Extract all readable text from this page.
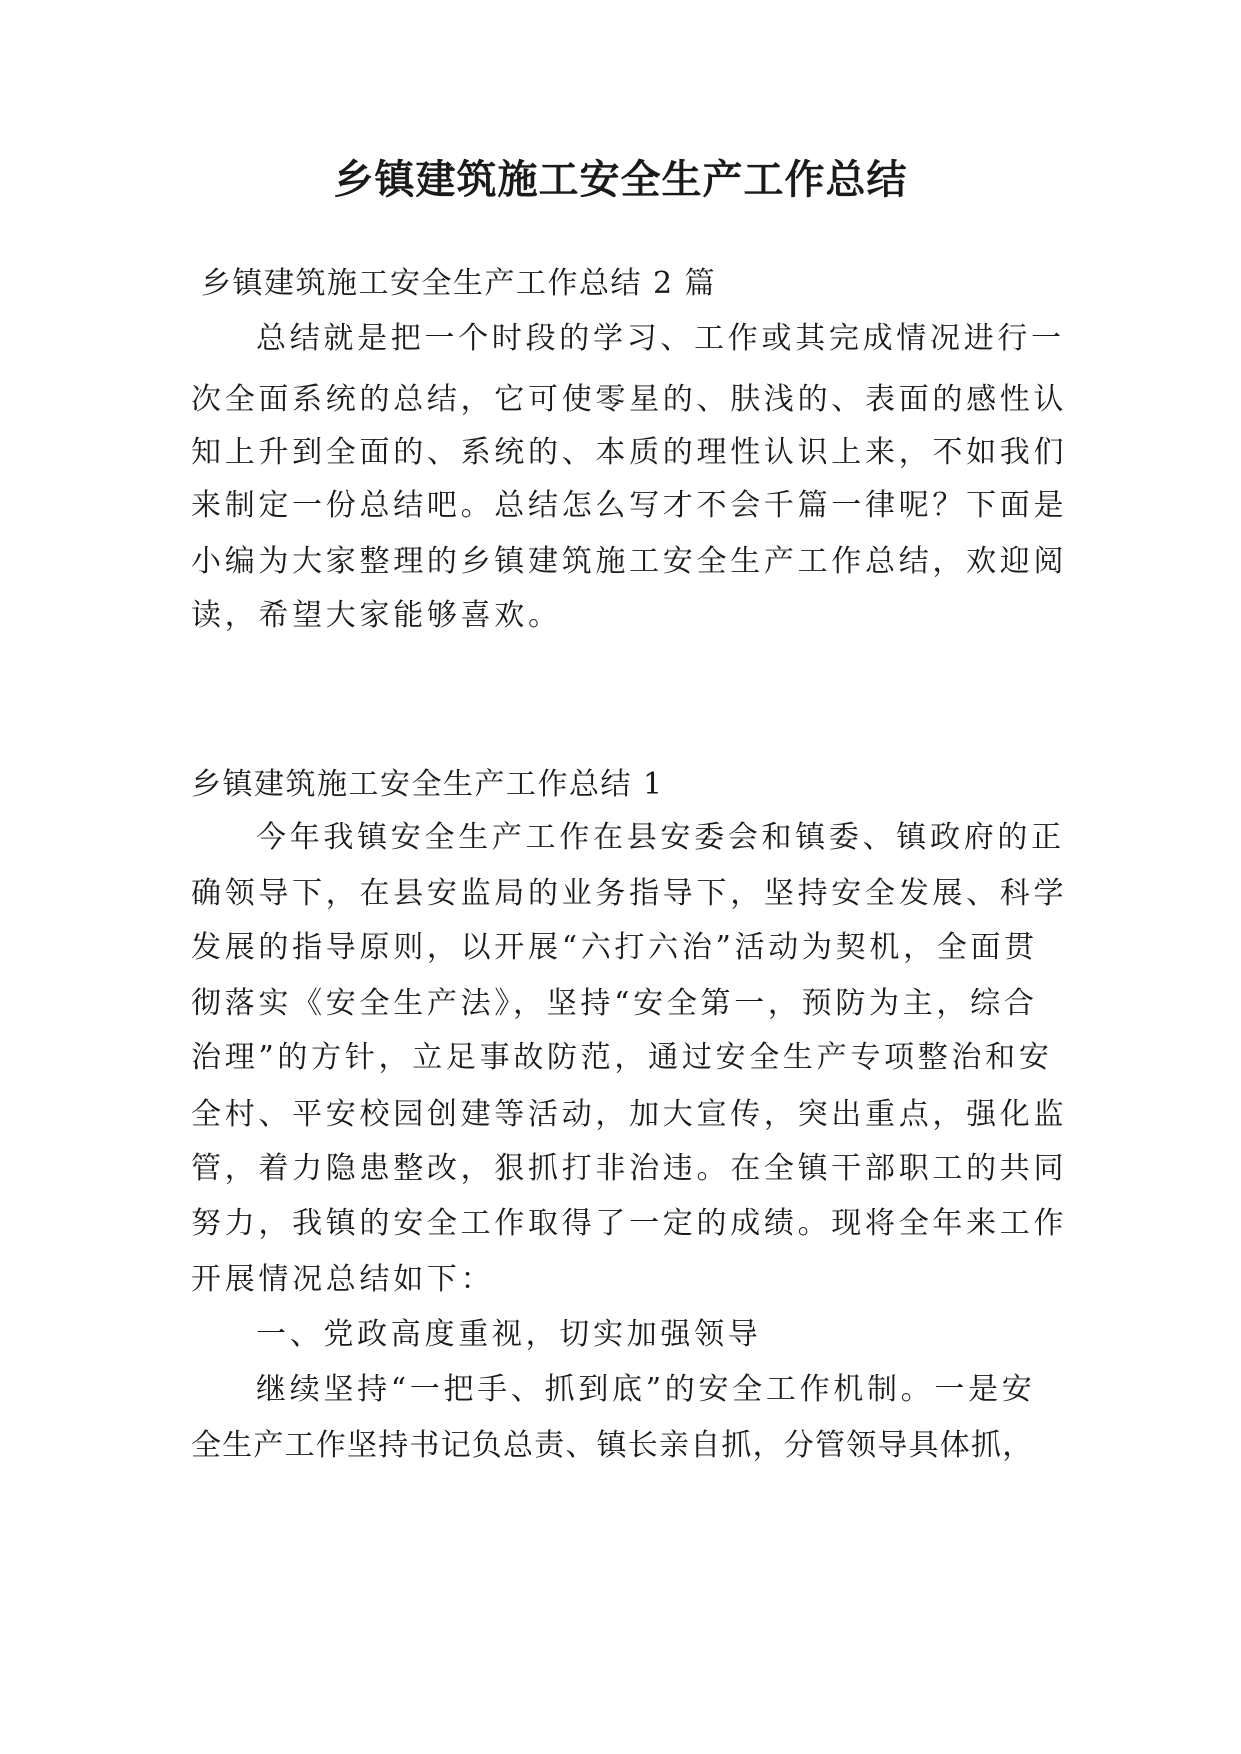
乡镇建筑施工安全生产工作总结

乡镇建筑施工安全生产工作总结 2 篇

总结就是把一个时段的学习、工作或其完成情况进行一

次全面系统的总结，它可使零星的、肤浅的、表面的感性认

知上升到全面的、系统的、本质的理性认识上来，不如我们

来制定一份总结吧。总结怎么写才不会千篇一律呢？下面是

小编为大家整理的乡镇建筑施工安全生产工作总结，欢迎阅

读，希望大家能够喜欢。

乡镇建筑施工安全生产工作总结 1

今年我镇安全生产工作在县安委会和镇委、镇政府的正

确领导下，在县安监局的业务指导下，坚持安全发展、科学

发展的指导原则，以开展“六打六治”活动为契机，全面贯

彻落实《安全生产法》，坚持“安全第一，预防为主，综合

治理”的方针，立足事故防范，通过安全生产专项整治和安

全村、平安校园创建等活动，加大宣传，突出重点，强化监

管，着力隐患整改，狠抓打非治违。在全镇干部职工的共同

努力，我镇的安全工作取得了一定的成绩。现将全年来工作

开展情况总结如下：

一、党政高度重视，切实加强领导

继续坚持“一把手、抓到底”的安全工作机制。一是安

全生产工作坚持书记负总责、镇长亲自抓，分管领导具体抓，
